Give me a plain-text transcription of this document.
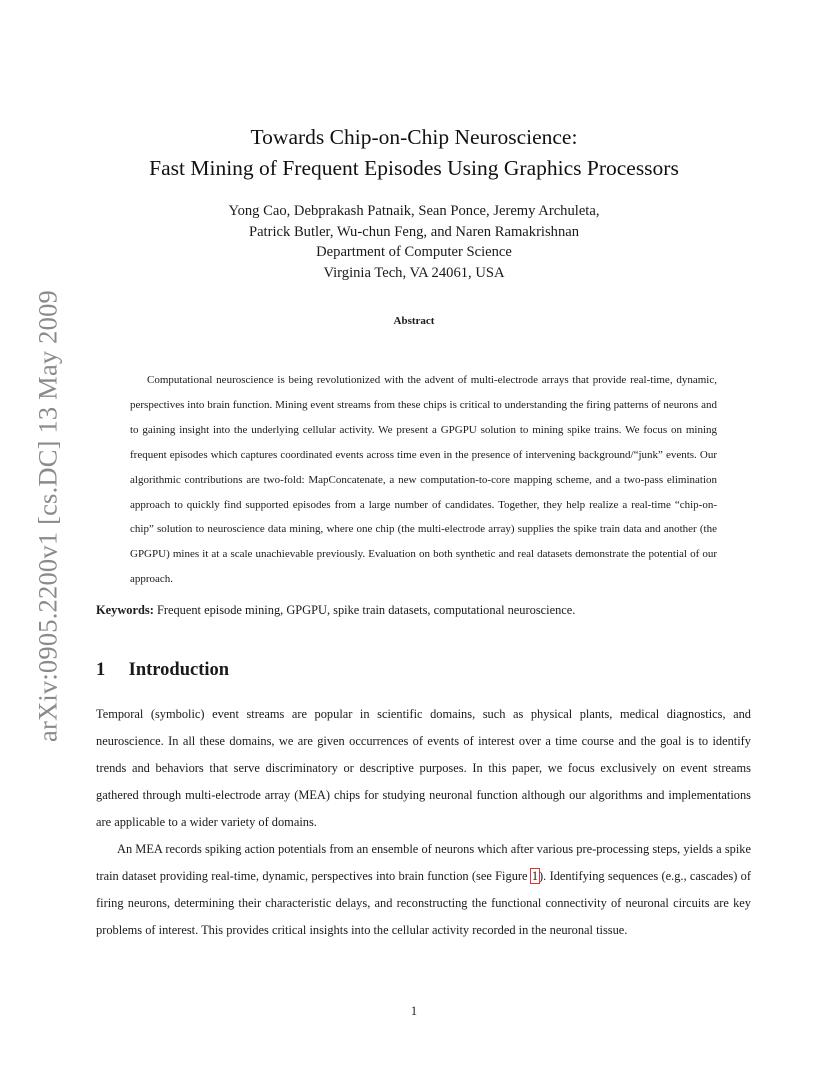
arXiv:0905.2200v1 [cs.DC] 13 May 2009
Towards Chip-on-Chip Neuroscience:
Fast Mining of Frequent Episodes Using Graphics Processors
Yong Cao, Debprakash Patnaik, Sean Ponce, Jeremy Archuleta,
Patrick Butler, Wu-chun Feng, and Naren Ramakrishnan
Department of Computer Science
Virginia Tech, VA 24061, USA
Abstract
Computational neuroscience is being revolutionized with the advent of multi-electrode arrays that provide real-time, dynamic, perspectives into brain function. Mining event streams from these chips is critical to understanding the firing patterns of neurons and to gaining insight into the underlying cellular activity. We present a GPGPU solution to mining spike trains. We focus on mining frequent episodes which captures coordinated events across time even in the presence of intervening background/“junk” events. Our algorithmic contributions are two-fold: MapConcatenate, a new computation-to-core mapping scheme, and a two-pass elimination approach to quickly find supported episodes from a large number of candidates. Together, they help realize a real-time “chip-on-chip” solution to neuroscience data mining, where one chip (the multi-electrode array) supplies the spike train data and another (the GPGPU) mines it at a scale unachievable previously. Evaluation on both synthetic and real datasets demonstrate the potential of our approach.
Keywords: Frequent episode mining, GPGPU, spike train datasets, computational neuroscience.
1 Introduction
Temporal (symbolic) event streams are popular in scientific domains, such as physical plants, medical diagnostics, and neuroscience. In all these domains, we are given occurrences of events of interest over a time course and the goal is to identify trends and behaviors that serve discriminatory or descriptive purposes. In this paper, we focus exclusively on event streams gathered through multi-electrode array (MEA) chips for studying neuronal function although our algorithms and implementations are applicable to a wider variety of domains.
An MEA records spiking action potentials from an ensemble of neurons which after various pre-processing steps, yields a spike train dataset providing real-time, dynamic, perspectives into brain function (see Figure 1). Identifying sequences (e.g., cascades) of firing neurons, determining their characteristic delays, and reconstructing the functional connectivity of neuronal circuits are key problems of interest. This provides critical insights into the cellular activity recorded in the neuronal tissue.
1
